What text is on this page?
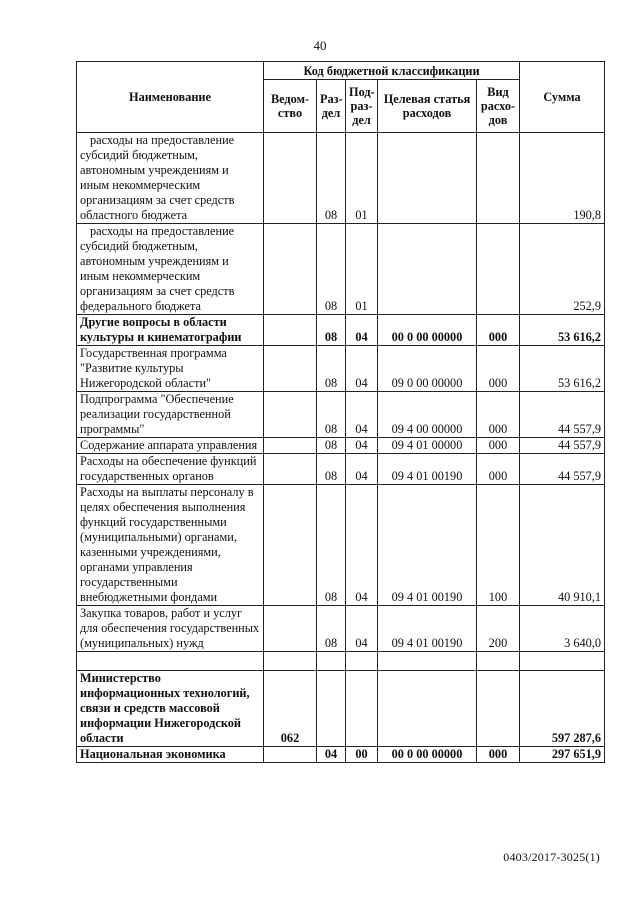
40
Наименование	Код бюджетной классификации					Сумма
	Ведом-ство	Раз-дел	Под-раз-дел	Целевая статья расходов	Вид расхо-дов	
расходы на предоставление субсидий бюджетным, автономным учреждениям и иным некоммерческим организациям за счет средств областного бюджета		08	01			190,8
расходы на предоставление субсидий бюджетным, автономным учреждениям и иным некоммерческим организациям за счет средств федерального бюджета		08	01			252,9
Другие вопросы в области культуры и кинематографии		08	04	00 0 00 00000	000	53 616,2
Государственная программа "Развитие культуры Нижегородской области"		08	04	09 0 00 00000	000	53 616,2
Подпрограмма "Обеспечение реализации государственной программы"		08	04	09 4 00 00000	000	44 557,9
Содержание аппарата управления		08	04	09 4 01 00000	000	44 557,9
Расходы на обеспечение функций государственных органов		08	04	09 4 01 00190	000	44 557,9
Расходы на выплаты персоналу в целях обеспечения выполнения функций государственными (муниципальными) органами, казенными учреждениями, органами управления государственными внебюджетными фондами		08	04	09 4 01 00190	100	40 910,1
Закупка товаров, работ и услуг для обеспечения государственных (муниципальных) нужд		08	04	09 4 01 00190	200	3 640,0

Министерство информационных технологий, связи и средств массовой информации Нижегородской области	062					597 287,6
Национальная экономика		04	00	00 0 00 00000	000	297 651,9
0403/2017-3025(1)
